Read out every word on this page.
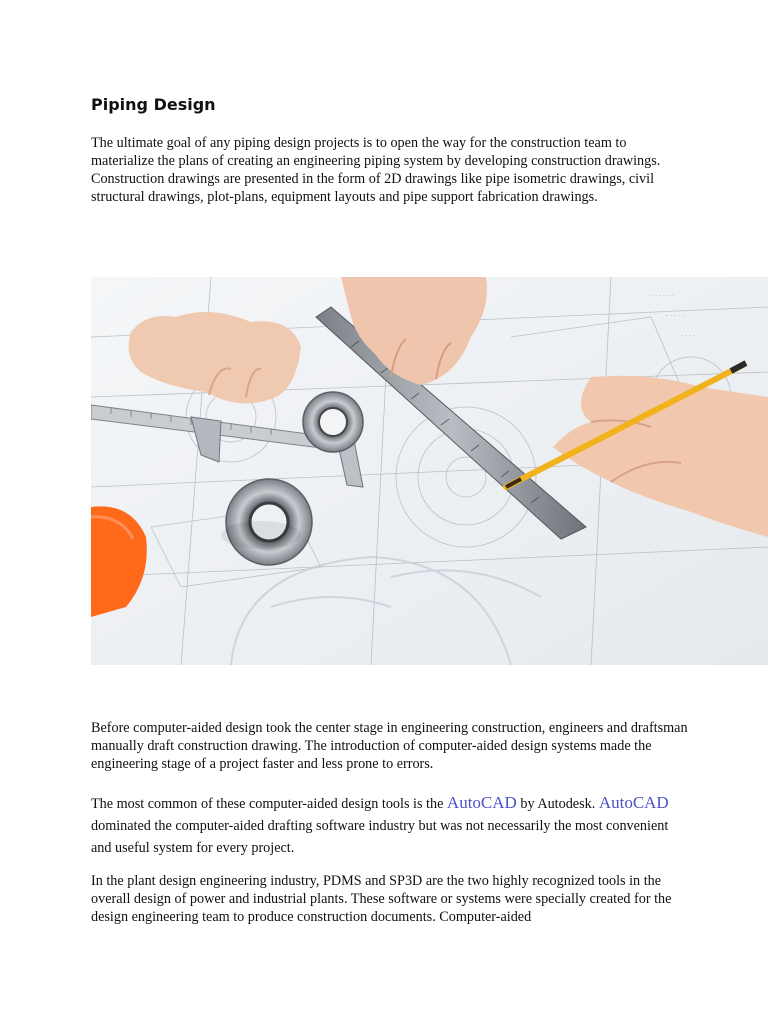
Piping Design

The ultimate goal of any piping design projects is to open the way for the construction team to materialize the plans of creating an engineering piping system by developing construction drawings. Construction drawings are presented in the form of 2D drawings like pipe isometric drawings, civil structural drawings, plot-plans, equipment layouts and pipe support fabrication drawings.

- - - - - -
- - - - -
- - - -

Before computer-aided design took the center stage in engineering construction, engineers and draftsman manually draft construction drawing. The introduction of computer-aided design systems made the engineering stage of a project faster and less prone to errors.

The most common of these computer-aided design tools is the AutoCAD by Autodesk. AutoCAD dominated the computer-aided drafting software industry but was not necessarily the most convenient and useful system for every project.

In the plant design engineering industry, PDMS and SP3D are the two highly recognized tools in the overall design of power and industrial plants. These software or systems were specially created for the design engineering team to produce construction documents. Computer-aided
